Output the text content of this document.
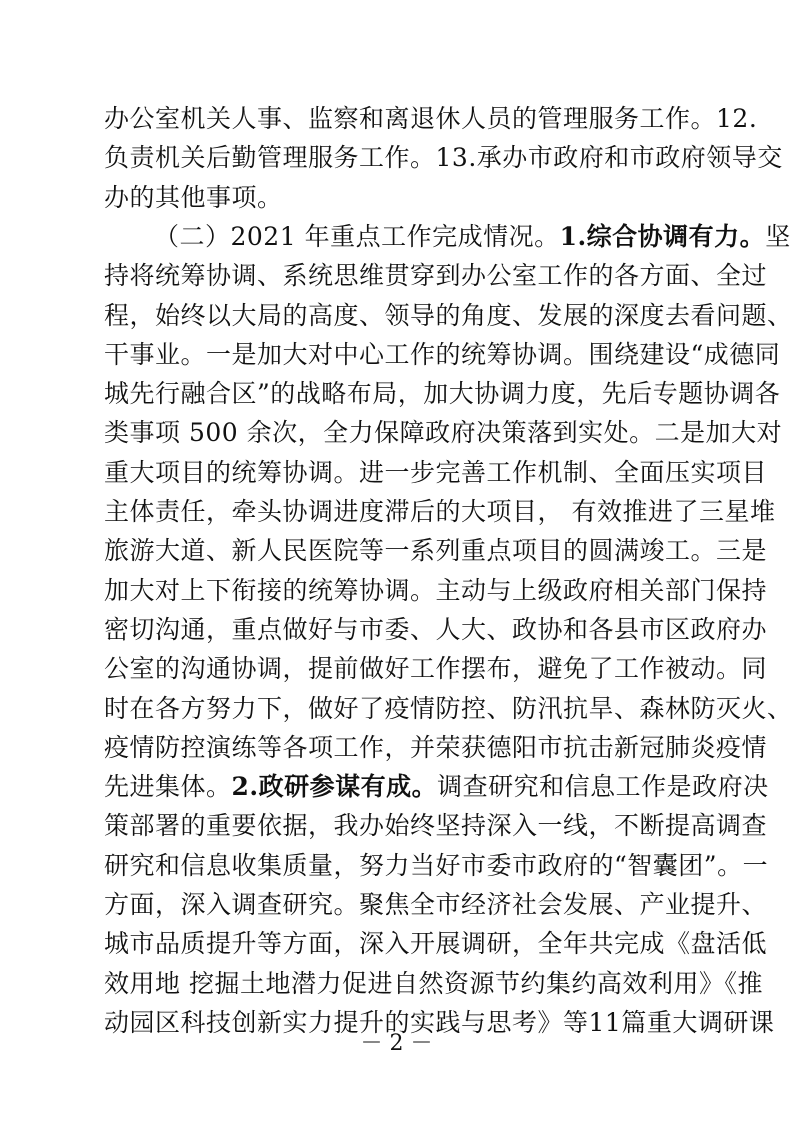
办公室机关人事、监察和离退休人员的管理服务工作。12.
负责机关后勤管理服务工作。13.承办市政府和市政府领导交
办的其他事项。
（二）2021 年重点工作完成情况。1.综合协调有力。坚
持将统筹协调、系统思维贯穿到办公室工作的各方面、全过
程，始终以大局的高度、领导的角度、发展的深度去看问题、
干事业。一是加大对中心工作的统筹协调。围绕建设“成德同
城先行融合区”的战略布局，加大协调力度，先后专题协调各
类事项 500 余次，全力保障政府决策落到实处。二是加大对
重大项目的统筹协调。进一步完善工作机制、全面压实项目
主体责任，牵头协调进度滞后的大项目， 有效推进了三星堆
旅游大道、新人民医院等一系列重点项目的圆满竣工。三是
加大对上下衔接的统筹协调。主动与上级政府相关部门保持
密切沟通，重点做好与市委、人大、政协和各县市区政府办
公室的沟通协调，提前做好工作摆布，避免了工作被动。同
时在各方努力下，做好了疫情防控、防汛抗旱、森林防灭火、
疫情防控演练等各项工作，并荣获德阳市抗击新冠肺炎疫情
先进集体。2.政研参谋有成。调查研究和信息工作是政府决
策部署的重要依据，我办始终坚持深入一线，不断提高调查
研究和信息收集质量，努力当好市委市政府的“智囊团”。一
方面，深入调查研究。聚焦全市经济社会发展、产业提升、
城市品质提升等方面，深入开展调研，全年共完成《盘活低
效用地 挖掘土地潜力促进自然资源节约集约高效利用》《推
动园区科技创新实力提升的实践与思考》等11篇重大调研课
－ 2 －
